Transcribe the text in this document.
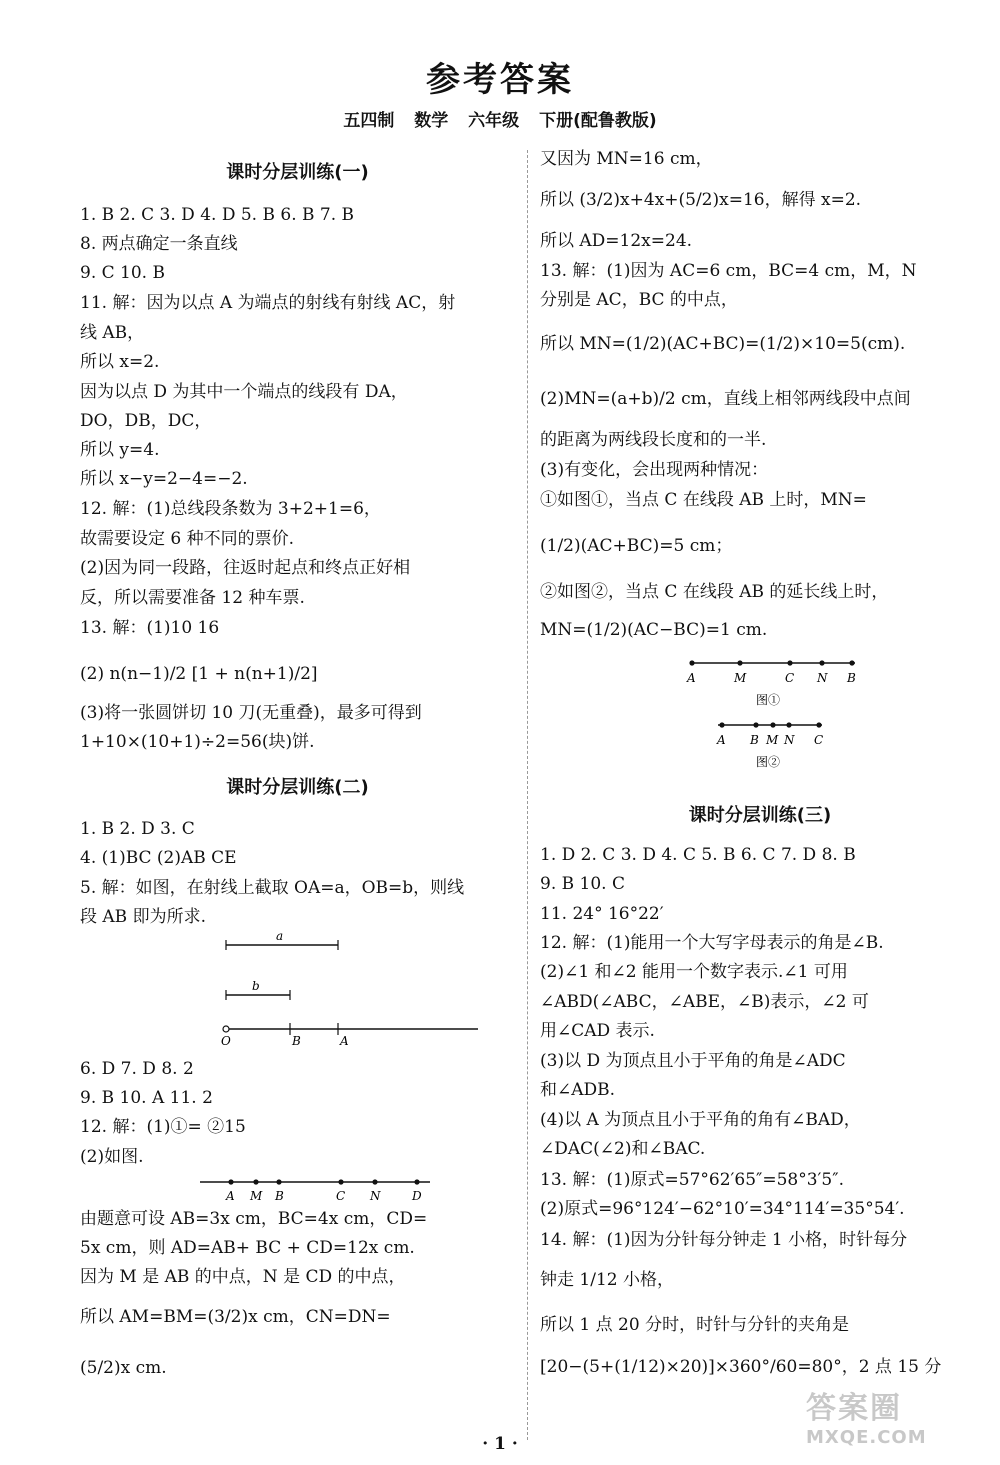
参考答案
五四制 数学 六年级 下册(配鲁教版)
课时分层训练(一)
1. B 2. C 3. D 4. D 5. B 6. B 7. B
8. 两点确定一条直线
9. C 10. B
11. 解：因为以点 A 为端点的射线有射线 AC，射
线 AB，
所以 x=2.
因为以点 D 为其中一个端点的线段有 DA，
DO，DB，DC，
所以 y=4.
所以 x−y=2−4=−2.
12. 解：(1)总线段条数为 3+2+1=6，
故需要设定 6 种不同的票价.
(2)因为同一段路，往返时起点和终点正好相
反，所以需要准备 12 种车票.
13. 解：(1)10 16
(2) n(n−1)/2 [1 + n(n+1)/2]
(3)将一张圆饼切 10 刀(无重叠)，最多可得到
1+10×(10+1)÷2=56(块)饼.
课时分层训练(二)
1. B 2. D 3. C
4. (1)BC (2)AB CE
5. 解：如图，在射线上截取 OA=a，OB=b，则线
段 AB 即为所求.
a
b
O	B	A
6. D 7. D 8. 2
9. B 10. A 11. 2
12. 解：(1)①= ②15
(2)如图.
A M B	C N	D
由题意可设 AB=3x cm，BC=4x cm，CD=
5x cm，则 AD=AB+ BC + CD=12x cm.
因为 M 是 AB 的中点，N 是 CD 的中点，
所以 AM=BM=(3/2)x cm，CN=DN=
(5/2)x cm.
又因为 MN=16 cm，
所以 (3/2)x+4x+(5/2)x=16，解得 x=2.
所以 AD=12x=24.
13. 解：(1)因为 AC=6 cm，BC=4 cm，M，N
分别是 AC，BC 的中点，
所以 MN=(1/2)(AC+BC)=(1/2)×10=5(cm).
(2)MN=(a+b)/2 cm，直线上相邻两线段中点间
的距离为两线段长度和的一半.
(3)有变化，会出现两种情况：
①如图①，当点 C 在线段 AB 上时，MN=
(1/2)(AC+BC)=5 cm；
②如图②，当点 C 在线段 AB 的延长线上时，
MN=(1/2)(AC−BC)=1 cm.
A	M	C N B
图①
A B M N C
图②
课时分层训练(三)
1. D 2. C 3. D 4. C 5. B 6. C 7. D 8. B
9. B 10. C
11. 24° 16°22′
12. 解：(1)能用一个大写字母表示的角是∠B.
(2)∠1 和∠2 能用一个数字表示.∠1 可用
∠ABD(∠ABC，∠ABE，∠B)表示，∠2 可
用∠CAD 表示.
(3)以 D 为顶点且小于平角的角是∠ADC
和∠ADB.
(4)以 A 为顶点且小于平角的角有∠BAD，
∠DAC(∠2)和∠BAC.
13. 解：(1)原式=57°62′65″=58°3′5″.
(2)原式=96°124′−62°10′=34°114′=35°54′.
14. 解：(1)因为分针每分钟走 1 小格，时针每分
钟走 1/12 小格，
所以 1 点 20 分时，时针与分针的夹角是
[20−(5+(1/12)×20)]×360°/60=80°，2 点 15 分
· 1 ·
答案圈
MXQE.COM
